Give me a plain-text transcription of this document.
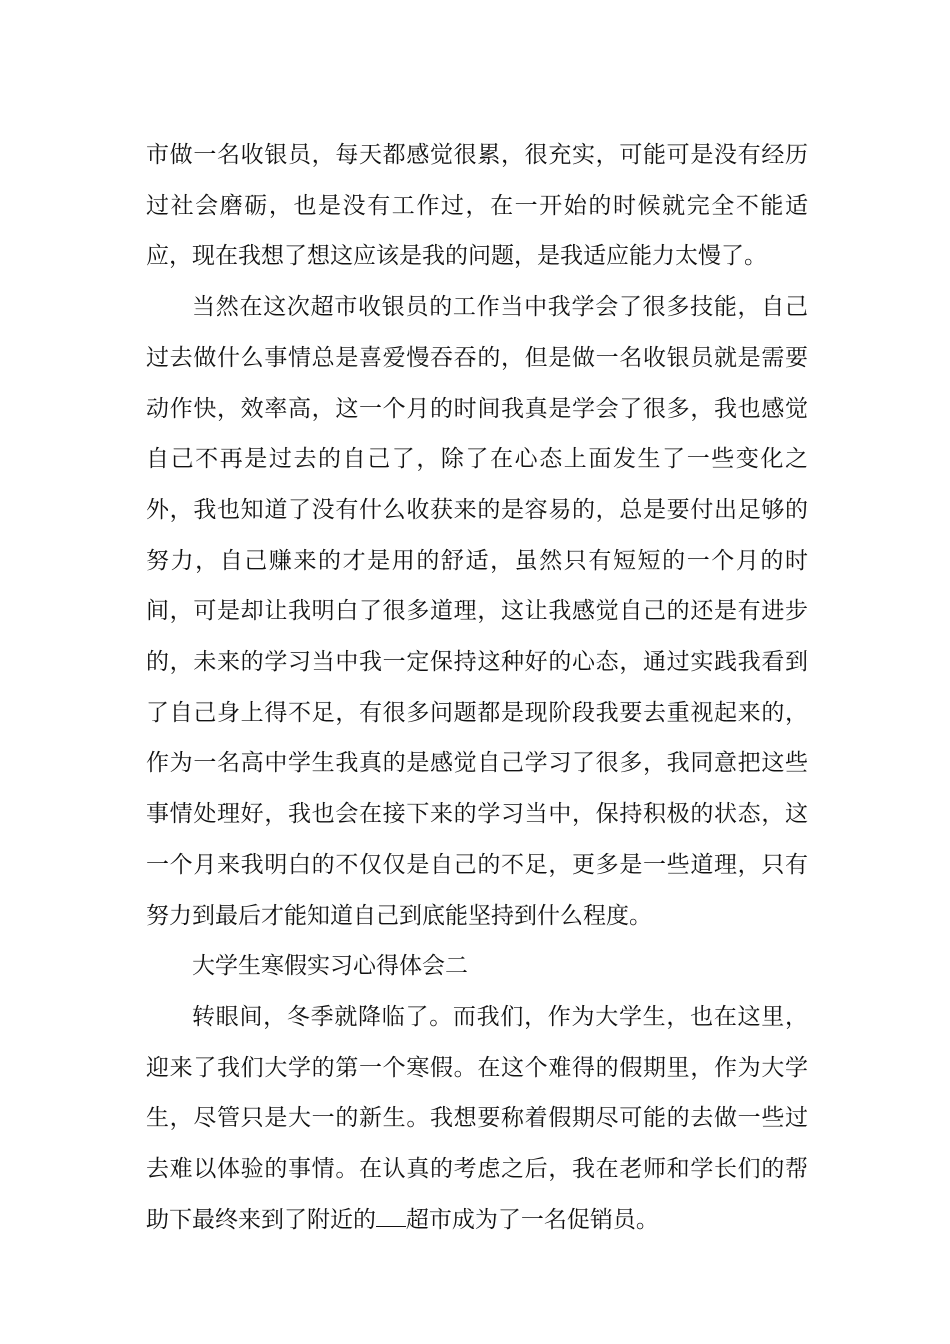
市做一名收银员，每天都感觉很累，很充实，可能可是没有经历过社会磨砺，也是没有工作过，在一开始的时候就完全不能适应，现在我想了想这应该是我的问题，是我适应能力太慢了。

当然在这次超市收银员的工作当中我学会了很多技能，自己过去做什么事情总是喜爱慢吞吞的，但是做一名收银员就是需要动作快，效率高，这一个月的时间我真是学会了很多，我也感觉自己不再是过去的自己了，除了在心态上面发生了一些变化之外，我也知道了没有什么收获来的是容易的，总是要付出足够的努力，自己赚来的才是用的舒适，虽然只有短短的一个月的时间，可是却让我明白了很多道理，这让我感觉自己的还是有进步的，未来的学习当中我一定保持这种好的心态，通过实践我看到了自己身上得不足，有很多问题都是现阶段我要去重视起来的，作为一名高中学生我真的是感觉自己学习了很多，我同意把这些事情处理好，我也会在接下来的学习当中，保持积极的状态，这一个月来我明白的不仅仅是自己的不足，更多是一些道理，只有努力到最后才能知道自己到底能坚持到什么程度。

大学生寒假实习心得体会二

转眼间，冬季就降临了。而我们，作为大学生，也在这里，迎来了我们大学的第一个寒假。在这个难得的假期里，作为大学生，尽管只是大一的新生。我想要称着假期尽可能的去做一些过去难以体验的事情。在认真的考虑之后，我在老师和学长们的帮助下最终来到了附近的 超市成为了一名促销员。
